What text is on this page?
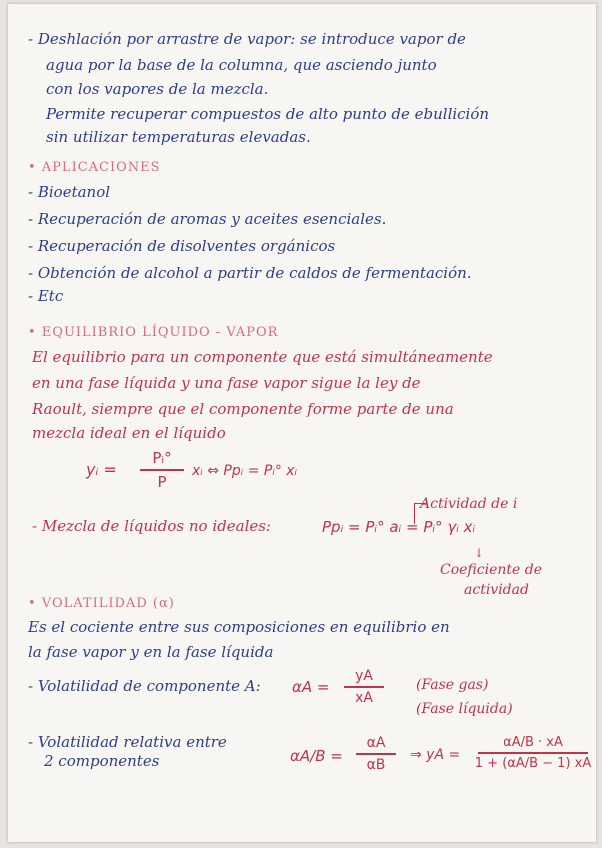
- Deshlación por arrastre de vapor: se introduce vapor de
agua por la base de la columna, que asciendo junto
con los vapores de la mezcla.
Permite recuperar compuestos de alto punto de ebullición
sin utilizar temperaturas elevadas.
• APLICACIONES
- Bioetanol
- Recuperación de aromas y aceites esenciales.
- Recuperación de disolventes orgánicos
- Obtención de alcohol a partir de caldos de fermentación.
- Etc
• EQUILIBRIO LÍQUIDO - VAPOR
El equilibrio para un componente que está simultáneamente
en una fase líquida y una fase vapor sigue la ley de
Raoult, siempre que el componente forme parte de una
mezcla ideal en el líquido
yᵢ =
Pᵢ°
P
xᵢ ⇔ Ppᵢ = Pᵢ° xᵢ
Actividad de i
- Mezcla de líquidos no ideales:	Ppᵢ = Pᵢ° aᵢ = Pᵢ° γᵢ xᵢ
↓
Coeficiente de
actividad
• VOLATILIDAD (α)
Es el cociente entre sus composiciones en equilibrio en
la fase vapor y en la fase líquida
- Volatilidad de componente A: αA =
yA
xA
(Fase gas)
(Fase líquida)
- Volatilidad relativa entre
2 componentes	αA/B =
αA
αB
⇒ yA =
αA/B · xA
1 + (αA/B − 1) xA
